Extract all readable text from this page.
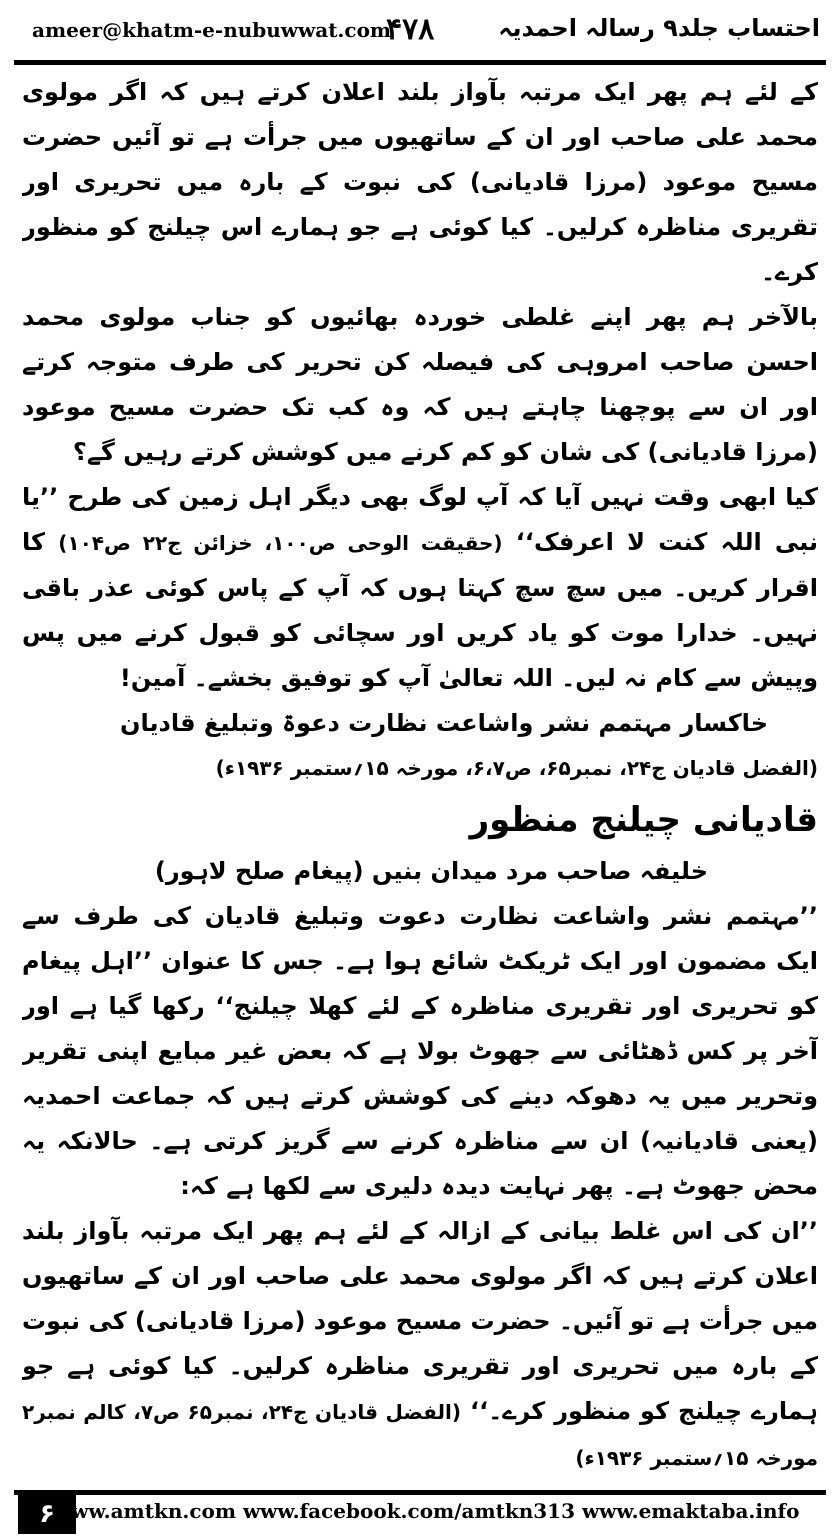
ameer@khatm-e-nubuwwat.com
۴۷۸	احتساب جلد۹ رسالہ احمدیہ

کے لئے ہم پھر ایک مرتبہ بآواز بلند اعلان کرتے ہیں کہ اگر مولوی محمد علی صاحب اور ان کے ساتھیوں میں جرأت ہے تو آئیں حضرت مسیح موعود (مرزا قادیانی) کی نبوت کے بارہ میں تحریری اور تقریری مناظرہ کرلیں۔ کیا کوئی ہے جو ہمارے اس چیلنج کو منظور کرے۔

بالآخر ہم پھر اپنے غلطی خوردہ بھائیوں کو جناب مولوی محمد احسن صاحب امروہی کی فیصلہ کن تحریر کی طرف متوجہ کرتے اور ان سے پوچھنا چاہتے ہیں کہ وہ کب تک حضرت مسیح موعود (مرزا قادیانی) کی شان کو کم کرنے میں کوشش کرتے رہیں گے؟

کیا ابھی وقت نہیں آیا کہ آپ لوگ بھی دیگر اہل زمین کی طرح ’’یا نبی اللہ کنت لا اعرفک‘‘ (حقیقت الوحی ص۱۰۰، خزائن ج۲۲ ص۱۰۴) کا اقرار کریں۔ میں سچ سچ کہتا ہوں کہ آپ کے پاس کوئی عذر باقی نہیں۔ خدارا موت کو یاد کریں اور سچائی کو قبول کرنے میں پس وپیش سے کام نہ لیں۔ اللہ تعالیٰ آپ کو توفیق بخشے۔ آمین!

خاکسار مہتمم نشر واشاعت نظارت دعوۃ وتبلیغ قادیان

(الفضل قادیان ج۲۴، نمبر۶۵، ص۶،۷، مورخہ ۱۵؍ستمبر ۱۹۳۶ء)

قادیانی چیلنج منظور

خلیفہ صاحب مرد میدان بنیں (پیغام صلح لاہور)

’’مہتمم نشر واشاعت نظارت دعوت وتبلیغ قادیان کی طرف سے ایک مضمون اور ایک ٹریکٹ شائع ہوا ہے۔ جس کا عنوان ’’اہل پیغام کو تحریری اور تقریری مناظرہ کے لئے کھلا چیلنج‘‘ رکھا گیا ہے اور آخر پر کس ڈھٹائی سے جھوٹ بولا ہے کہ بعض غیر مبایع اپنی تقریر وتحریر میں یہ دھوکہ دینے کی کوشش کرتے ہیں کہ جماعت احمدیہ (یعنی قادیانیہ) ان سے مناظرہ کرنے سے گریز کرتی ہے۔ حالانکہ یہ محض جھوٹ ہے۔ پھر نہایت دیدہ دلیری سے لکھا ہے کہ:

’’ان کی اس غلط بیانی کے ازالہ کے لئے ہم پھر ایک مرتبہ بآواز بلند اعلان کرتے ہیں کہ اگر مولوی محمد علی صاحب اور ان کے ساتھیوں میں جرأت ہے تو آئیں۔ حضرت مسیح موعود (مرزا قادیانی) کی نبوت کے بارہ میں تحریری اور تقریری مناظرہ کرلیں۔ کیا کوئی ہے جو ہمارے چیلنج کو منظور کرے۔‘‘ (الفضل قادیان ج۲۴، نمبر۶۵ ص۷، کالم نمبر۲ مورخہ ۱۵؍ستمبر ۱۹۳۶ء)

۶ www.amtkn.com www.facebook.com/amtkn313 www.emaktaba.info
